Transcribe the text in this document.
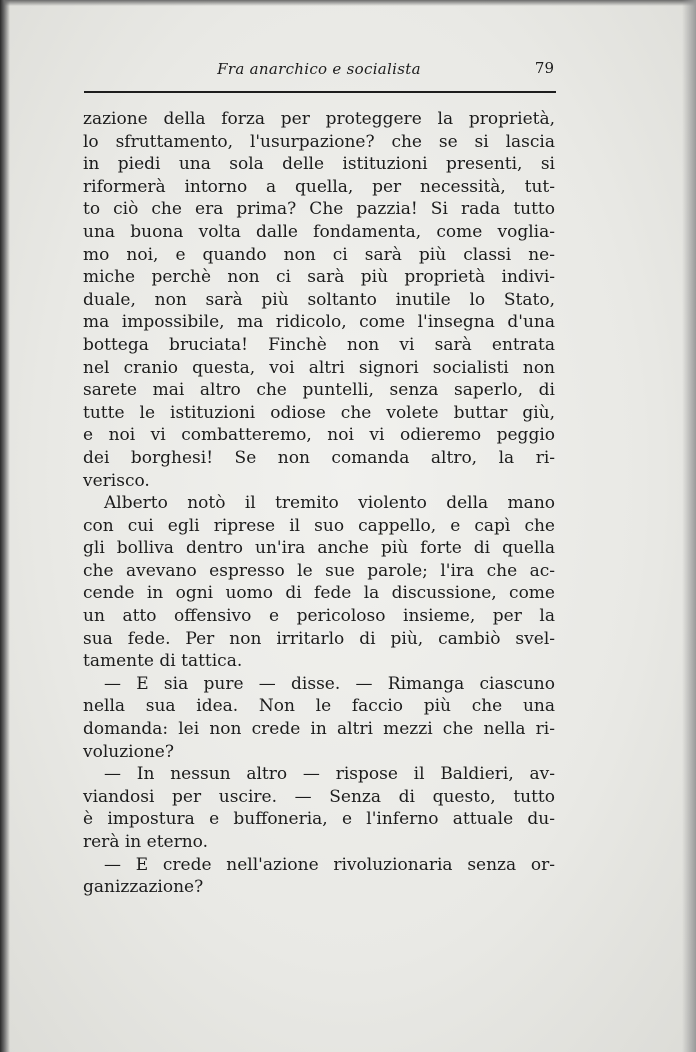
Fra anarchico e socialista	79
zazione della forza per proteggere la proprietà,
lo sfruttamento, l'usurpazione? che se si lascia
in piedi una sola delle istituzioni presenti, si
riformerà intorno a quella, per necessità, tut-
to ciò che era prima? Che pazzia! Si rada tutto
una buona volta dalle fondamenta, come voglia-
mo noi, e quando non ci sarà più classi ne-
miche perchè non ci sarà più proprietà indivi-
duale, non sarà più soltanto inutile lo Stato,
ma impossibile, ma ridicolo, come l'insegna d'una
bottega bruciata! Finchè non vi sarà entrata
nel cranio questa, voi altri signori socialisti non
sarete mai altro che puntelli, senza saperlo, di
tutte le istituzioni odiose che volete buttar giù,
e noi vi combatteremo, noi vi odieremo peggio
dei borghesi! Se non comanda altro, la ri-
verisco.
Alberto notò il tremito violento della mano
con cui egli riprese il suo cappello, e capì che
gli bolliva dentro un'ira anche più forte di quella
che avevano espresso le sue parole; l'ira che ac-
cende in ogni uomo di fede la discussione, come
un atto offensivo e pericoloso insieme, per la
sua fede. Per non irritarlo di più, cambiò svel-
tamente di tattica.
— E sia pure — disse. — Rimanga ciascuno
nella sua idea. Non le faccio più che una
domanda: lei non crede in altri mezzi che nella ri-
voluzione?
— In nessun altro — rispose il Baldieri, av-
viandosi per uscire. — Senza di questo, tutto
è impostura e buffoneria, e l'inferno attuale du-
rerà in eterno.
— E crede nell'azione rivoluzionaria senza or-
ganizzazione?
